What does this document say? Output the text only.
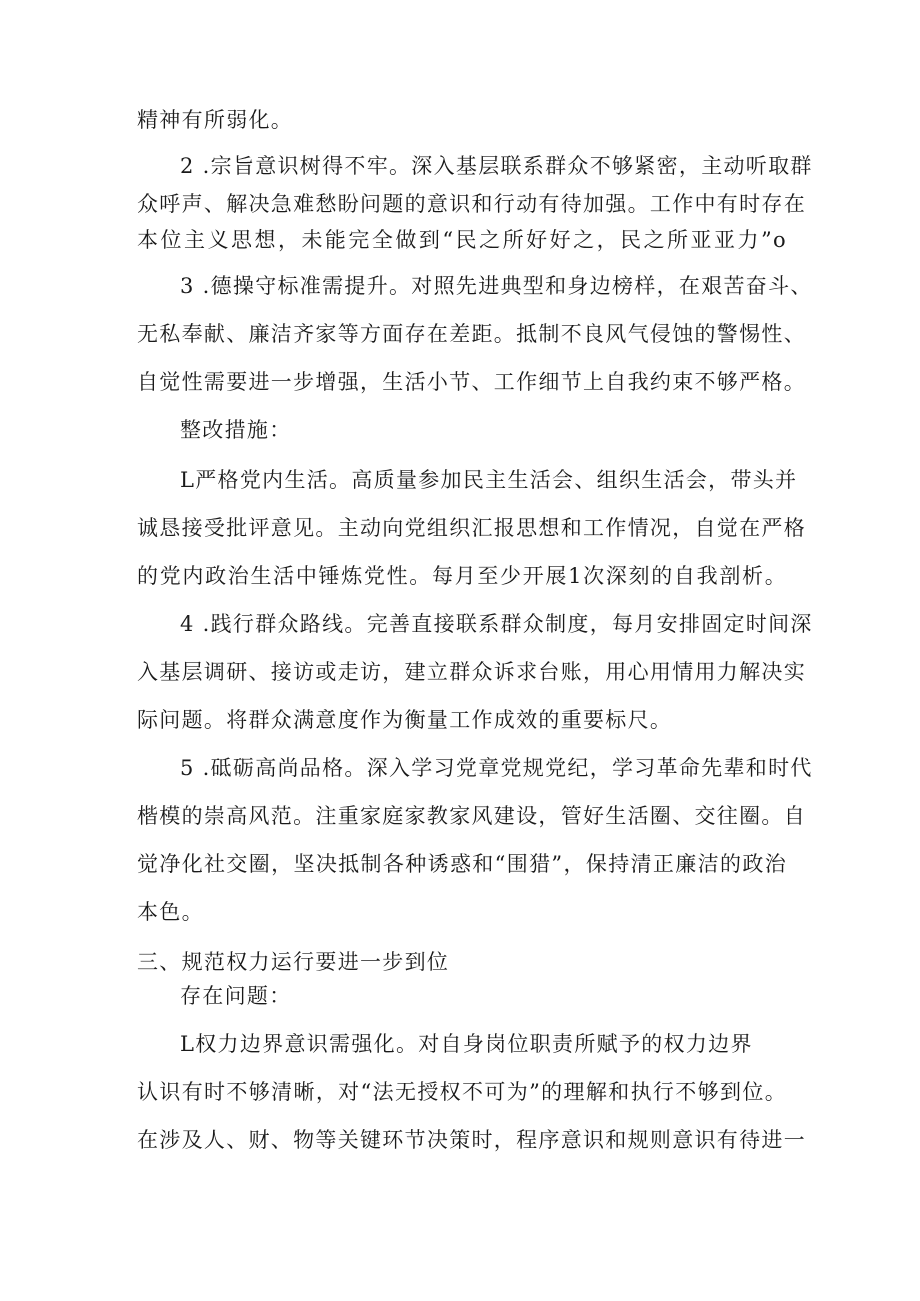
精神有所弱化。
2 .宗旨意识树得不牢。深入基层联系群众不够紧密，主动听取群
众呼声、解决急难愁盼问题的意识和行动有待加强。工作中有时存在
本位主义思想，未能完全做到“民之所好好之，民之所亚亚力”o
3 .德操守标准需提升。对照先进典型和身边榜样，在艰苦奋斗、
无私奉献、廉洁齐家等方面存在差距。抵制不良风气侵蚀的警惕性、
自觉性需要进一步增强，生活小节、工作细节上自我约束不够严格。
整改措施：
L严格党内生活。高质量参加民主生活会、组织生活会，带头并
诚恳接受批评意见。主动向党组织汇报思想和工作情况，自觉在严格
的党内政治生活中锤炼党性。每月至少开展1次深刻的自我剖析。
4 .践行群众路线。完善直接联系群众制度，每月安排固定时间深
入基层调研、接访或走访，建立群众诉求台账，用心用情用力解决实
际问题。将群众满意度作为衡量工作成效的重要标尺。
5 .砥砺高尚品格。深入学习党章党规党纪，学习革命先辈和时代
楷模的崇高风范。注重家庭家教家风建设，管好生活圈、交往圈。自
觉净化社交圈，坚决抵制各种诱惑和“围猎”，保持清正廉洁的政治
本色。
三、规范权力运行要进一步到位
存在问题：
L权力边界意识需强化。对自身岗位职责所赋予的权力边界
认识有时不够清晰，对“法无授权不可为”的理解和执行不够到位。
在涉及人、财、物等关键环节决策时，程序意识和规则意识有待进一
